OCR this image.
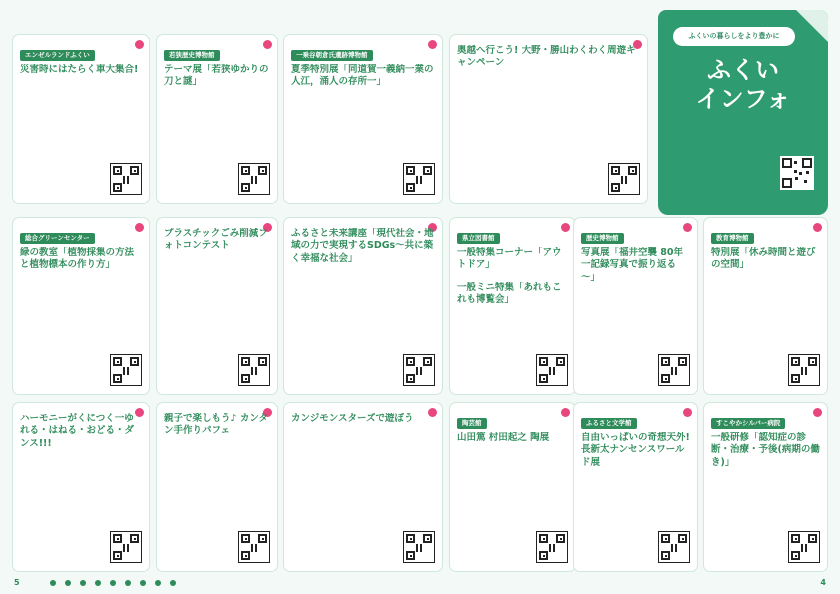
ふくいの暮らしをより豊かに
ふくい
インフォ
エンゼルランドふくい
災害時にはたらく車大集合!
若狭歴史博物館
テーマ展「若狭ゆかりの刀と謎」
一乗谷朝倉氏遺跡博物館
夏季特別展「同道賀一義納一業の人江，涌人の存所一」
奥越へ行こう! 大野・勝山わくわく周遊キャンペーン
総合グリーンセンター
緑の教室「植物採集の方法と植物標本の作り方」
プラスチックごみ削減フォトコンテスト
ふるさと未来講座「現代社会・地域の力で実現するSDGs～共に築く幸福な社会」
県立図書館
一般特集コーナー「アウトドア」
一般ミニ特集「あれもこれも博覧会」
歴史博物館
写真展「福井空襲 80年一記録写真で振り返る～」
教育博物館
特別展「休み時間と遊びの空間」
ハーモニーがくにつく一ゆれる・はねる・おどる・ダンス!!!
親子で楽しもう♪ カンタン手作りパフェ
カンジモンスターズで遊ぼう	陶芸館
山田篤 村田起之 陶展
ふるさと文学館
自由いっぱいの奇想天外! 長新太ナンセンスワールド展
すこやかシルバー病院
一般研修「認知症の診断・治療・予後(病期の働き)」
5	4
